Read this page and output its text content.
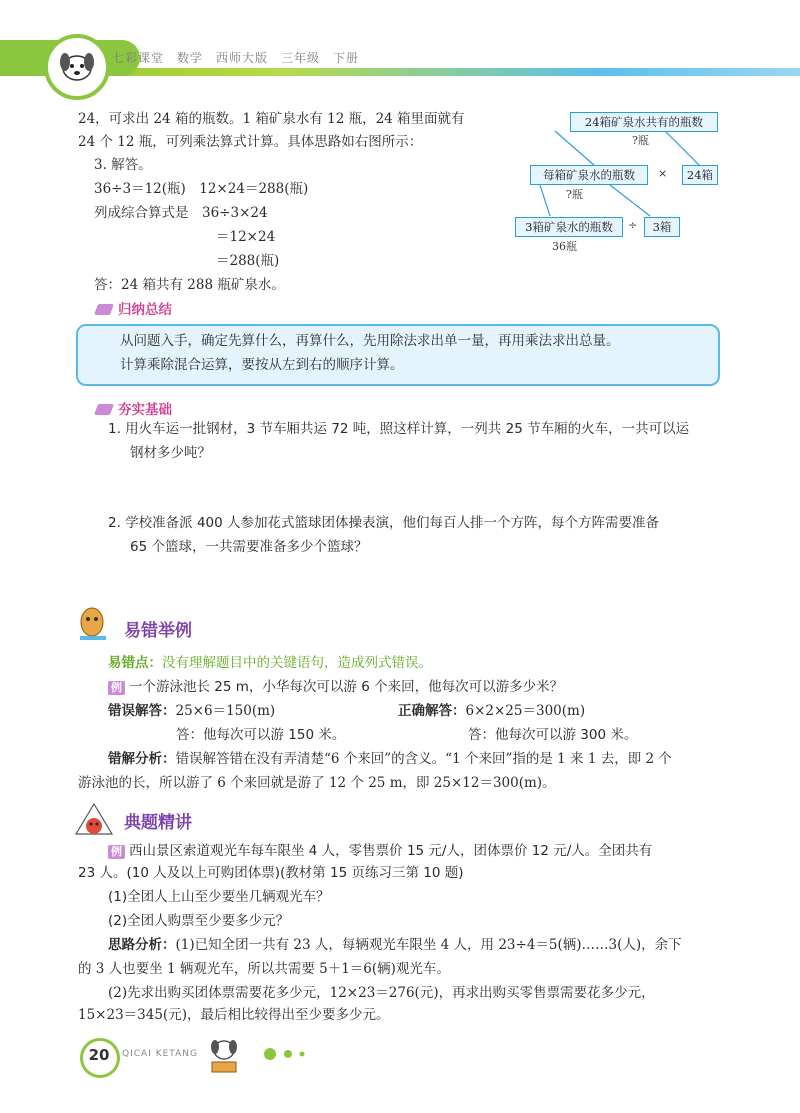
七彩课堂　数学　西师大版　三年级　下册
24，可求出 24 箱的瓶数。1 箱矿泉水有 12 瓶，24 箱里面就有
24 个 12 瓶，可列乘法算式计算。具体思路如右图所示：
3. 解答。
36÷3＝12(瓶)　12×24＝288(瓶)
列成综合算式是　36÷3×24
＝12×24
＝288(瓶)
答：24 箱共有 288 瓶矿泉水。
24箱矿泉水共有的瓶数
?瓶
每箱矿泉水的瓶数	×	24箱
?瓶
3箱矿泉水的瓶数	÷	3箱
36瓶
归纳总结
从问题入手，确定先算什么，再算什么，先用除法求出单一量，再用乘法求出总量。
计算乘除混合运算，要按从左到右的顺序计算。
夯实基础
1. 用火车运一批钢材，3 节车厢共运 72 吨，照这样计算，一列共 25 节车厢的火车，一共可以运
钢材多少吨？
2. 学校准备派 400 人参加花式篮球团体操表演，他们每百人排一个方阵，每个方阵需要准备
65 个篮球，一共需要准备多少个篮球？
易错举例
易错点：没有理解题目中的关键语句，造成列式错误。
例 一个游泳池长 25 m，小华每次可以游 6 个来回，他每次可以游多少米？
错误解答：25×6＝150(m)
答：他每次可以游 150 米。
正确解答：6×2×25＝300(m)
答：他每次可以游 300 米。
错解分析：错误解答错在没有弄清楚“6 个来回”的含义。“1 个来回”指的是 1 来 1 去，即 2 个
游泳池的长，所以游了 6 个来回就是游了 12 个 25 m，即 25×12＝300(m)。
典题精讲
例 西山景区索道观光车每车限坐 4 人，零售票价 15 元/人，团体票价 12 元/人。全团共有
23 人。(10 人及以上可购团体票)(教材第 15 页练习三第 10 题)
(1)全团人上山至少要坐几辆观光车？
(2)全团人购票至少要多少元？
思路分析：(1)已知全团一共有 23 人，每辆观光车限坐 4 人，用 23÷4＝5(辆)……3(人)，余下
的 3 人也要坐 1 辆观光车，所以共需要 5＋1＝6(辆)观光车。
(2)先求出购买团体票需要花多少元，12×23＝276(元)，再求出购买零售票需要花多少元，
15×23＝345(元)，最后相比较得出至少要多少元。
20	QICAI KETANG
